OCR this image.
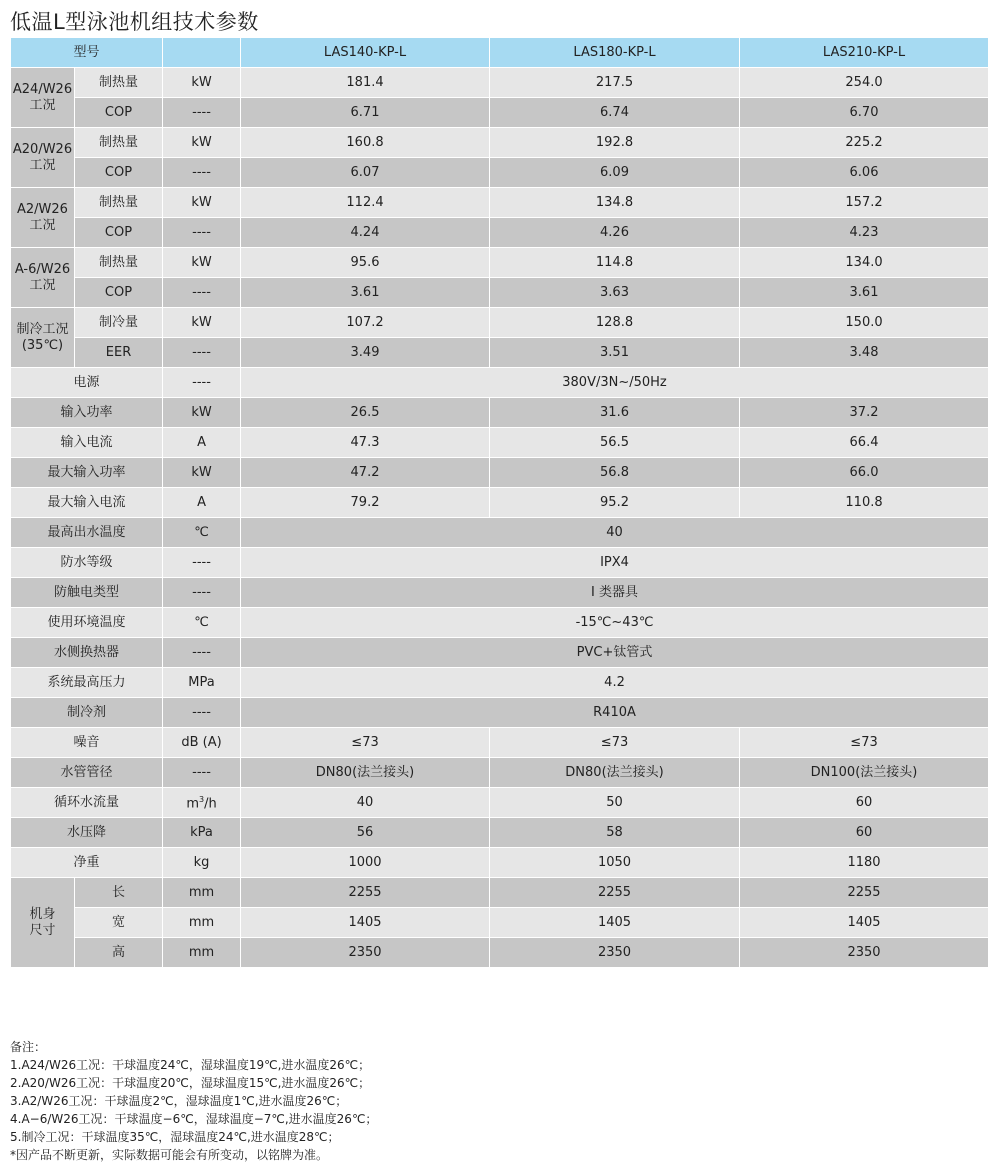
低温L型泳池机组技术参数
型号			LAS140-KP-L	LAS180-KP-L	LAS210-KP-L
A24/W26
工况	制热量	kW	181.4	217.5	254.0
	COP	----	6.71	6.74	6.70
A20/W26
工况	制热量	kW	160.8	192.8	225.2
	COP	----	6.07	6.09	6.06
A2/W26
工况	制热量	kW	112.4	134.8	157.2
	COP	----	4.24	4.26	4.23
A-6/W26
工况	制热量	kW	95.6	114.8	134.0
	COP	----	3.61	3.63	3.61
制冷工况
(35℃)	制冷量	kW	107.2	128.8	150.0
	EER	----	3.49	3.51	3.48
电源		----	380V/3N~/50Hz		
输入功率		kW	26.5	31.6	37.2
输入电流		A	47.3	56.5	66.4
最大输入功率		kW	47.2	56.8	66.0
最大输入电流		A	79.2	95.2	110.8
最高出水温度		℃	40		
防水等级		----	IPX4		
防触电类型		----	I 类器具		
使用环境温度		℃	-15℃~43℃		
水侧换热器		----	PVC+钛管式		
系统最高压力		MPa	4.2		
制冷剂		----	R410A		
噪音		dB (A)	≤73	≤73	≤73
水管管径		----	DN80(法兰接头)	DN80(法兰接头)	DN100(法兰接头)
循环水流量		$m^3/h$	40	50	60
水压降		kPa	56	58	60
净重		kg	1000	1050	1180
机身
尺寸	长	mm	2255	2255	2255
	宽	mm	1405	1405	1405
	高	mm	2350	2350	2350
备注：
1.A24/W26工况：干球温度24℃，湿球温度19℃,进水温度26℃；
2.A20/W26工况：干球温度20℃，湿球温度15℃,进水温度26℃；
3.A2/W26工况：干球温度2℃，湿球温度1℃,进水温度26℃；
4.A−6/W26工况：干球温度−6℃，湿球温度−7℃,进水温度26℃；
5.制冷工况：干球温度35℃，湿球温度24℃,进水温度28℃；
*因产品不断更新，实际数据可能会有所变动，以铭牌为准。
